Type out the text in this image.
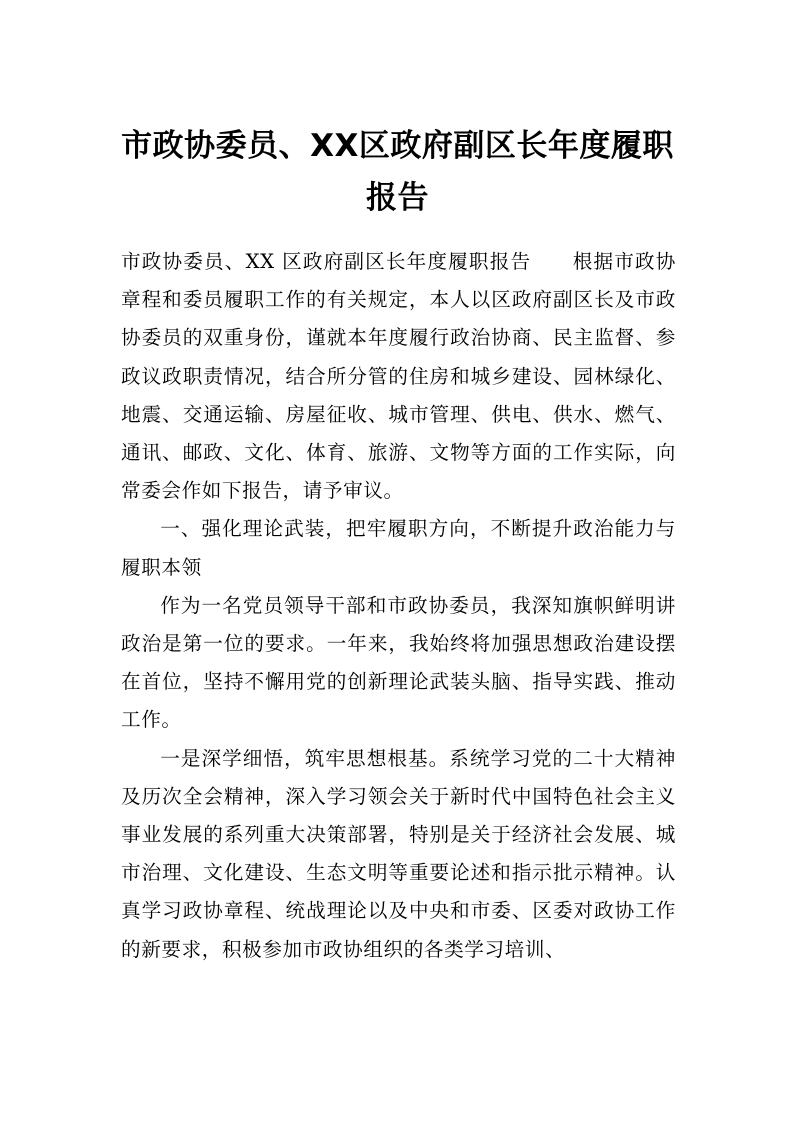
市政协委员、XX区政府副区长年度履职报告

市政协委员、XX 区政府副区长年度履职报告　　根据市政协章程和委员履职工作的有关规定，本人以区政府副区长及市政协委员的双重身份，谨就本年度履行政治协商、民主监督、参政议政职责情况，结合所分管的住房和城乡建设、园林绿化、地震、交通运输、房屋征收、城市管理、供电、供水、燃气、通讯、邮政、文化、体育、旅游、文物等方面的工作实际，向常委会作如下报告，请予审议。

一、强化理论武装，把牢履职方向，不断提升政治能力与履职本领

作为一名党员领导干部和市政协委员，我深知旗帜鲜明讲政治是第一位的要求。一年来，我始终将加强思想政治建设摆在首位，坚持不懈用党的创新理论武装头脑、指导实践、推动工作。

一是深学细悟，筑牢思想根基。系统学习党的二十大精神及历次全会精神，深入学习领会关于新时代中国特色社会主义事业发展的系列重大决策部署，特别是关于经济社会发展、城市治理、文化建设、生态文明等重要论述和指示批示精神。认真学习政协章程、统战理论以及中央和市委、区委对政协工作的新要求，积极参加市政协组织的各类学习培训、
